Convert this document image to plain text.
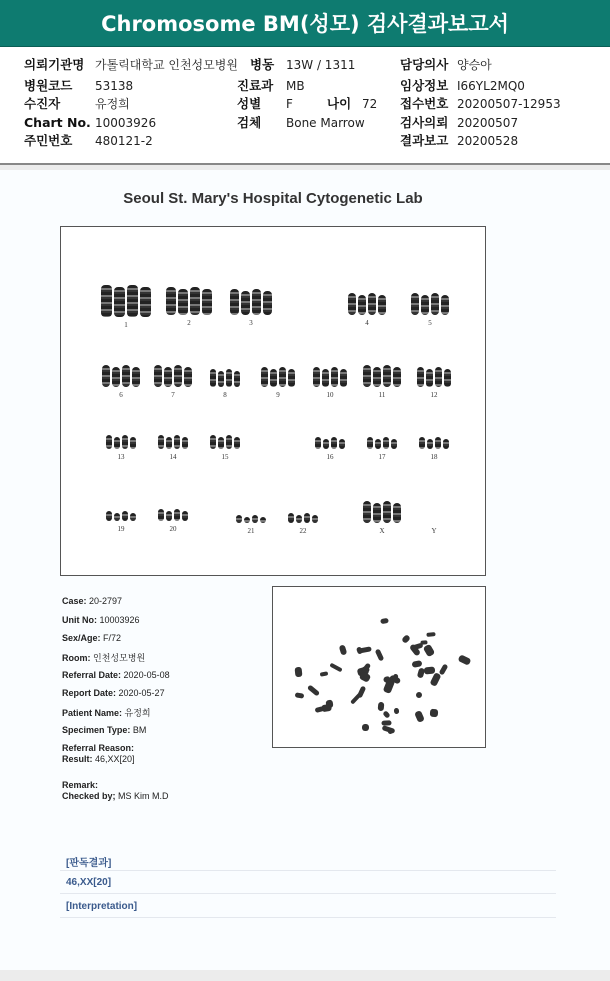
Chromosome BM(성모) 검사결과보고서
의뢰기관명 가톨릭대학교 인천성모병원 병동 13W / 1311	담당의사 양승아
병원코드 53138	진료과 MB	임상정보 I66YL2MQ0
수진자	유정희	성별 F	나이 72 접수번호 20200507-12953
Chart No. 10003926	검체 Bone Marrow	검사의뢰 20200507
주민번호 480121-2	결과보고 20200528
Seoul St. Mary's Hospital Cytogenetic Lab
1	2	3	4	5
6	7	8	9	10	11	12
13	14	15	16	17	18
19	20	21	22	X	Y
Case: 20-2797
Unit No: 10003926
Sex/Age: F/72
Room: 인천성모병원
Referral Date: 2020-05-08
Report Date: 2020-05-27
Patient Name: 유정희
Specimen Type: BM
Referral Reason:
Result: 46,XX[20]
Remark:
Checked by; MS Kim M.D
[판독결과]
46,XX[20]
[Interpretation]
